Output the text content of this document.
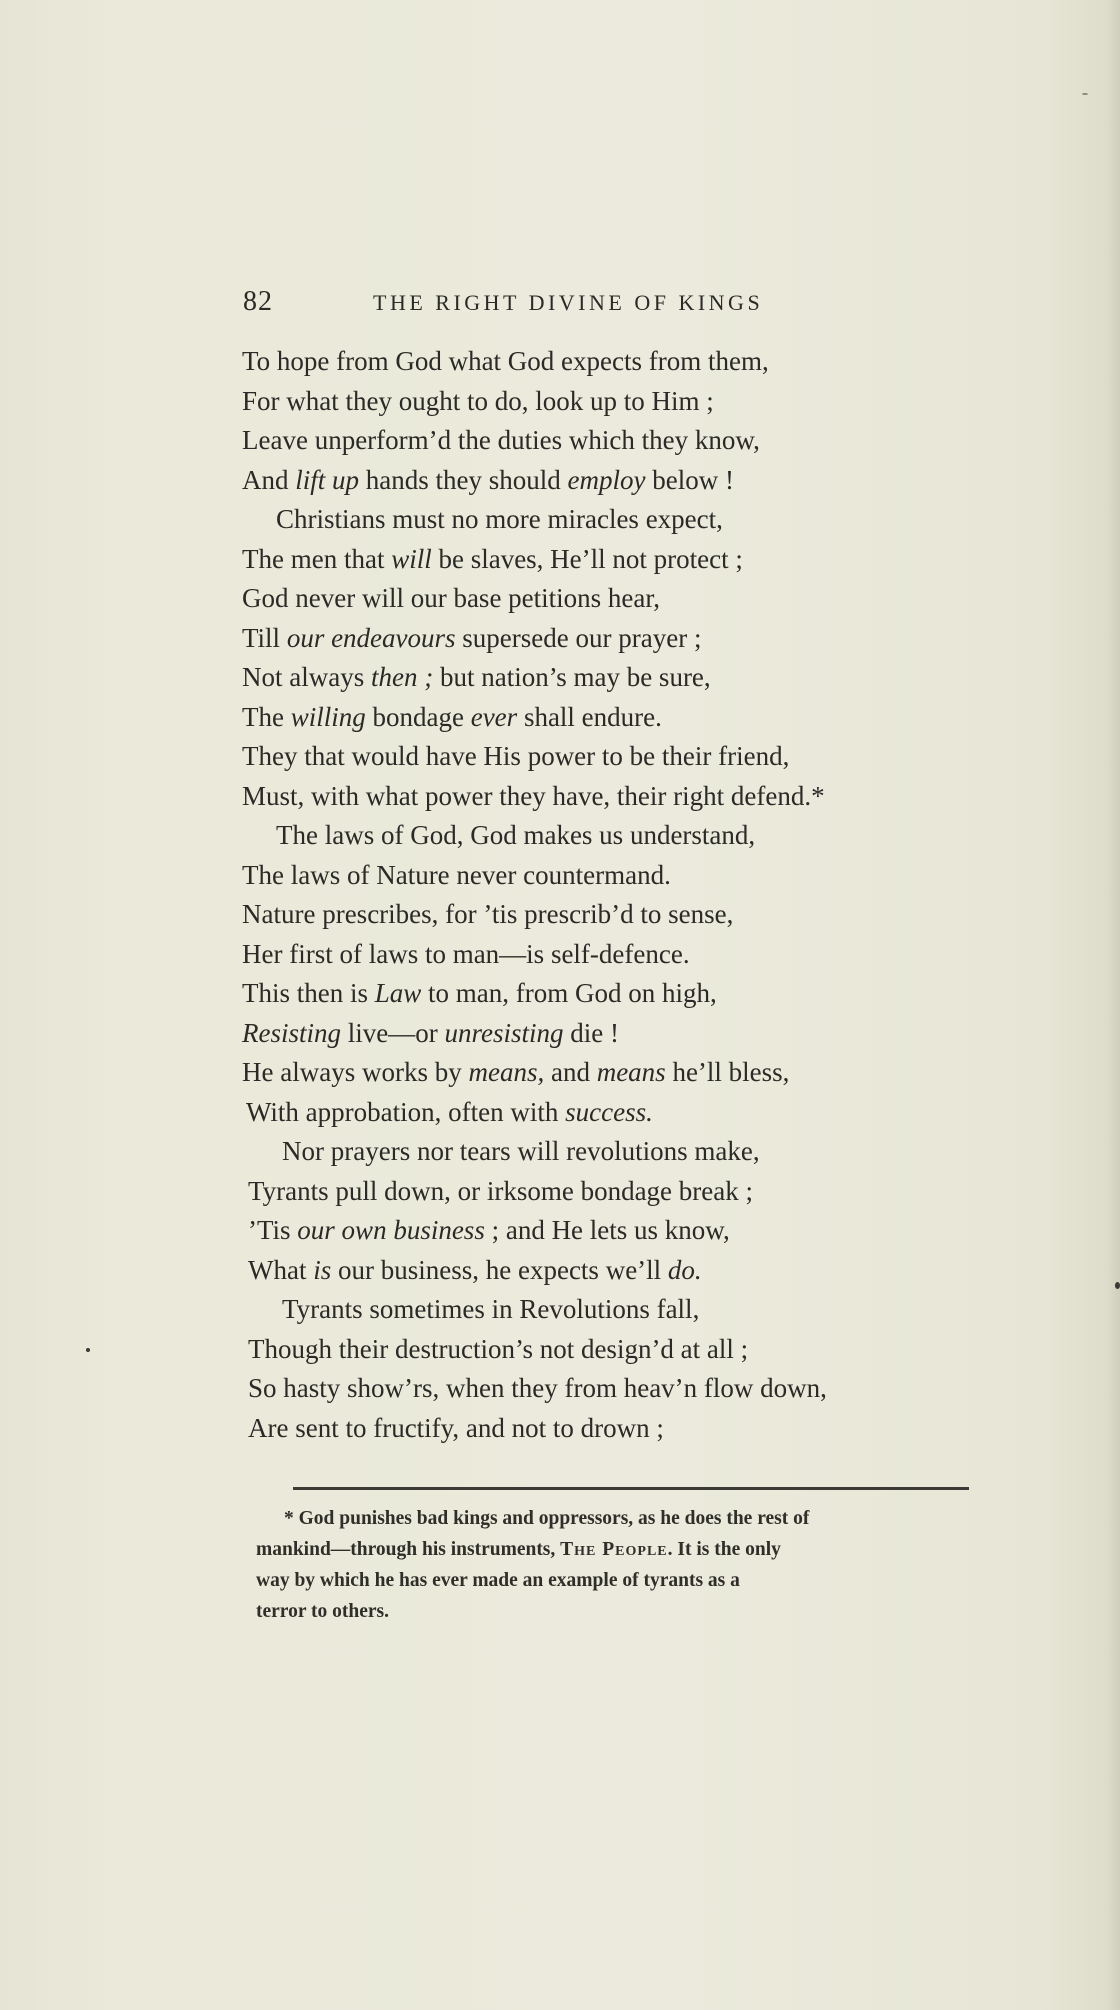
82	THE RIGHT DIVINE OF KINGS
To hope from God what God expects from them,
For what they ought to do, look up to Him ;
Leave unperform’d the duties which they know,
And lift up hands they should employ below !
Christians must no more miracles expect,
The men that will be slaves, He’ll not protect ;
God never will our base petitions hear,
Till our endeavours supersede our prayer ;
Not always then ; but nation’s may be sure,
The willing bondage ever shall endure.
They that would have His power to be their friend,
Must, with what power they have, their right defend.*
The laws of God, God makes us understand,
The laws of Nature never countermand.
Nature prescribes, for ’tis prescrib’d to sense,
Her first of laws to man—is self-defence.
This then is Law to man, from God on high,
Resisting live—or unresisting die !
He always works by means, and means he’ll bless,
With approbation, often with success.
Nor prayers nor tears will revolutions make,
Tyrants pull down, or irksome bondage break ;
’Tis our own business ; and He lets us know,
What is our business, he expects we’ll do.
Tyrants sometimes in Revolutions fall,
Though their destruction’s not design’d at all ;
So hasty show’rs, when they from heav’n flow down,
Are sent to fructify, and not to drown ;
* God punishes bad kings and oppressors, as he does the rest of
mankind—through his instruments, The People. It is the only
way by which he has ever made an example of tyrants as a
terror to others.
